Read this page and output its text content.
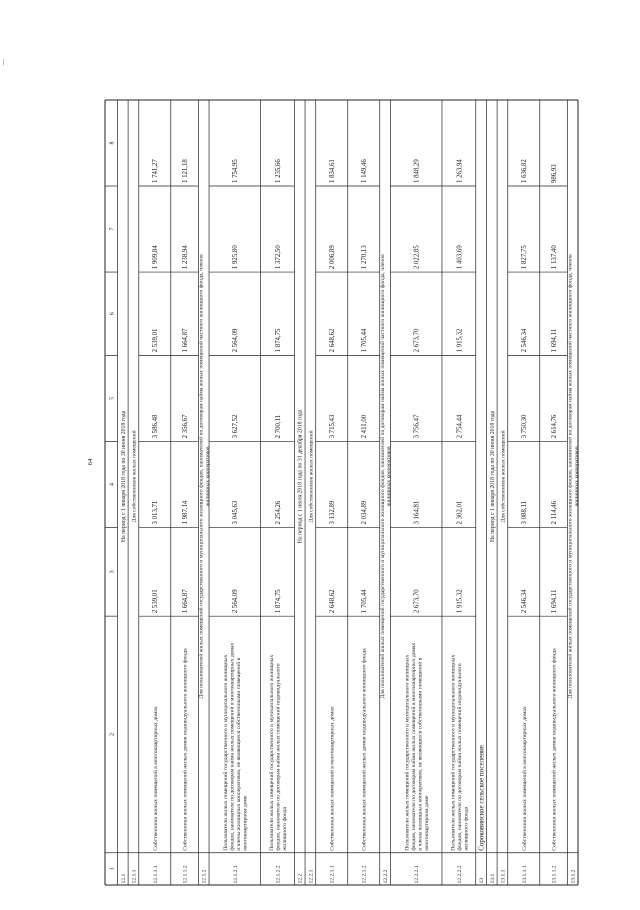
|
64
1
2
3
4
5
6
7
8
12.1
На период с 1 января 2018 года по 30 июня 2018 года
12.1.1
Для собственников жилых помещений
12.1.1.1
Собственники жилых помещений в многоквартирных домах
2 539,01
3 013,71
3 586,48
2 539,01
1 909,84
1 741,27
12.1.1.2
Собственники жилых помещений жилых домов индивидуального жилищного фонда
1 664,87
1 987,14
2 356,67
1 664,87
1 238,94
1 121,18
12.1.2
Для пользователей жилых помещений государственного и муниципального жилищного фондов, нанимателей по договорам найма жилых помещений частного жилищного фонда, членов жилищных кооперативов
12.1.2.1
Пользователи жилых помещений государственного и муниципального жилищных фондов, наниматели по договорам найма жилых помещений в многоквартирных домах и члены жилищных кооперативов, не являющиеся собственниками помещений в многоквартирном доме
2 564,09
3 045,63
3 627,52
2 564,09
1 925,80
1 754,95
12.1.2.2
Пользователи жилых помещений государственного и муниципального жилищных фондов, наниматели по договорам найма жилых помещений индивидуального жилищного фонда
1 874,75
2 254,26
2 700,11
1 874,75
1 372,50
1 235,66
12.2
На период с 1 июля 2018 года по 31 декабря 2018 года
12.2.1
Для собственников жилых помещений
12.2.1.1
Собственники жилых помещений в многоквартирных домах
2 648,62
3 132,89
3 715,43
2 648,62
2 006,89
1 834,61
12.2.1.2
Собственники жилых помещений жилых домов индивидуального жилищного фонда
1 705,44
2 034,89
2 411,00
1 705,44
1 270,13
1 149,46
12.2.2
Для пользователей жилых помещений государственного и муниципального жилищного фондов, нанимателей по договорам найма жилых помещений частного жилищного фонда, членов жилищных кооперативов
12.2.2.1
Пользователи жилых помещений государственного и муниципального жилищных фондов, наниматели по договорам найма жилых помещений в многоквартирных домах и члены жилищных кооперативов, не являющиеся собственниками помещений в многоквартирном доме
2 673,70
3 164,81
3 756,47
2 673,70
2 022,85
1 848,29
12.2.2.2
Пользователи жилых помещений государственного и муниципального жилищных фондов, наниматели по договорам найма жилых помещений индивидуального жилищного фонда
1 915,32
2 302,01
2 754,44
1 915,32
1 403,69
1 263,94
13
Сороковинское сельское поселение
13.1
На период с 1 января 2018 года по 30 июня 2018 года
13.1.1
Для собственников жилых помещений
13.1.1.1
Собственники жилых помещений в многоквартирных домах
2 546,34
3 088,11
3 750,30
2 546,34
1 827,75
1 636,82
13.1.1.2
Собственники жилых помещений жилых домов индивидуального жилищного фонда
1 694,11
2 114,46
2 614,76
1 694,11
1 137,40
986,93
13.1.2
Для пользователей жилых помещений государственного и муниципального жилищного фондов, нанимателей по договорам найма жилых помещений частного жилищного фонда, членов жилищных кооперативов
